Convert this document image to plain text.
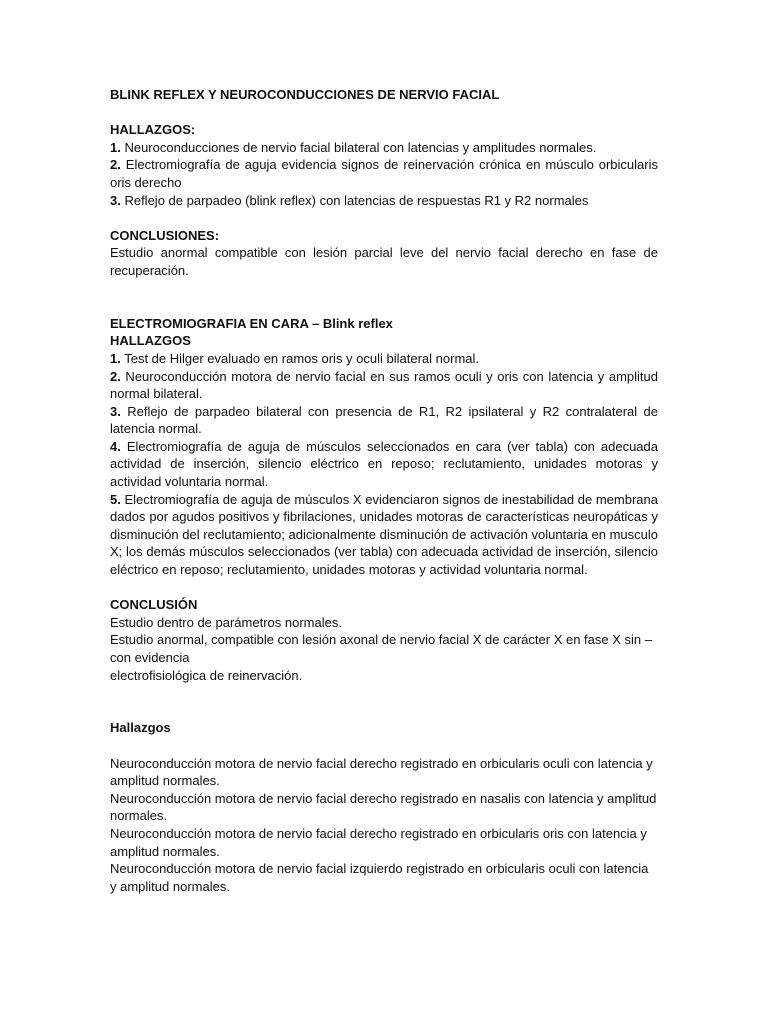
BLINK REFLEX Y NEUROCONDUCCIONES DE NERVIO FACIAL

HALLAZGOS:

1. Neuroconducciones de nervio facial bilateral con latencias y amplitudes normales.

2. Electromiografía de aguja evidencia signos de reinervación crónica en músculo orbicularis oris derecho

3. Reflejo de parpadeo (blink reflex) con latencias de respuestas R1 y R2 normales

CONCLUSIONES:

Estudio anormal compatible con lesión parcial leve del nervio facial derecho en fase de recuperación.

ELECTROMIOGRAFIA EN CARA – Blink reflex

HALLAZGOS

1. Test de Hilger evaluado en ramos oris y oculi bilateral normal.

2. Neuroconducción motora de nervio facial en sus ramos oculi y oris con latencia y amplitud normal bilateral.

3. Reflejo de parpadeo bilateral con presencia de R1, R2 ipsilateral y R2 contralateral de latencia normal.

4. Electromiografía de aguja de músculos seleccionados en cara (ver tabla) con adecuada actividad de inserción, silencio eléctrico en reposo; reclutamiento, unidades motoras y actividad voluntaria normal.

5. Electromiografía de aguja de músculos X evidenciaron signos de inestabilidad de membrana dados por agudos positivos y fibrilaciones, unidades motoras de características neuropáticas y disminución del reclutamiento; adicionalmente disminución de activación voluntaria en musculo X; los demás músculos seleccionados (ver tabla) con adecuada actividad de inserción, silencio eléctrico en reposo; reclutamiento, unidades motoras y actividad voluntaria normal.

CONCLUSIÓN

Estudio dentro de parámetros normales.

Estudio anormal, compatible con lesión axonal de nervio facial X de carácter X en fase X sin – con evidencia

electrofisiológica de reinervación.

Hallazgos

Neuroconducción motora de nervio facial derecho registrado en orbicularis oculi con latencia y amplitud normales.

Neuroconducción motora de nervio facial derecho registrado en nasalis con latencia y amplitud normales.

Neuroconducción motora de nervio facial derecho registrado en orbicularis oris con latencia y amplitud normales.

Neuroconducción motora de nervio facial izquierdo registrado en orbicularis oculi con latencia y amplitud normales.
